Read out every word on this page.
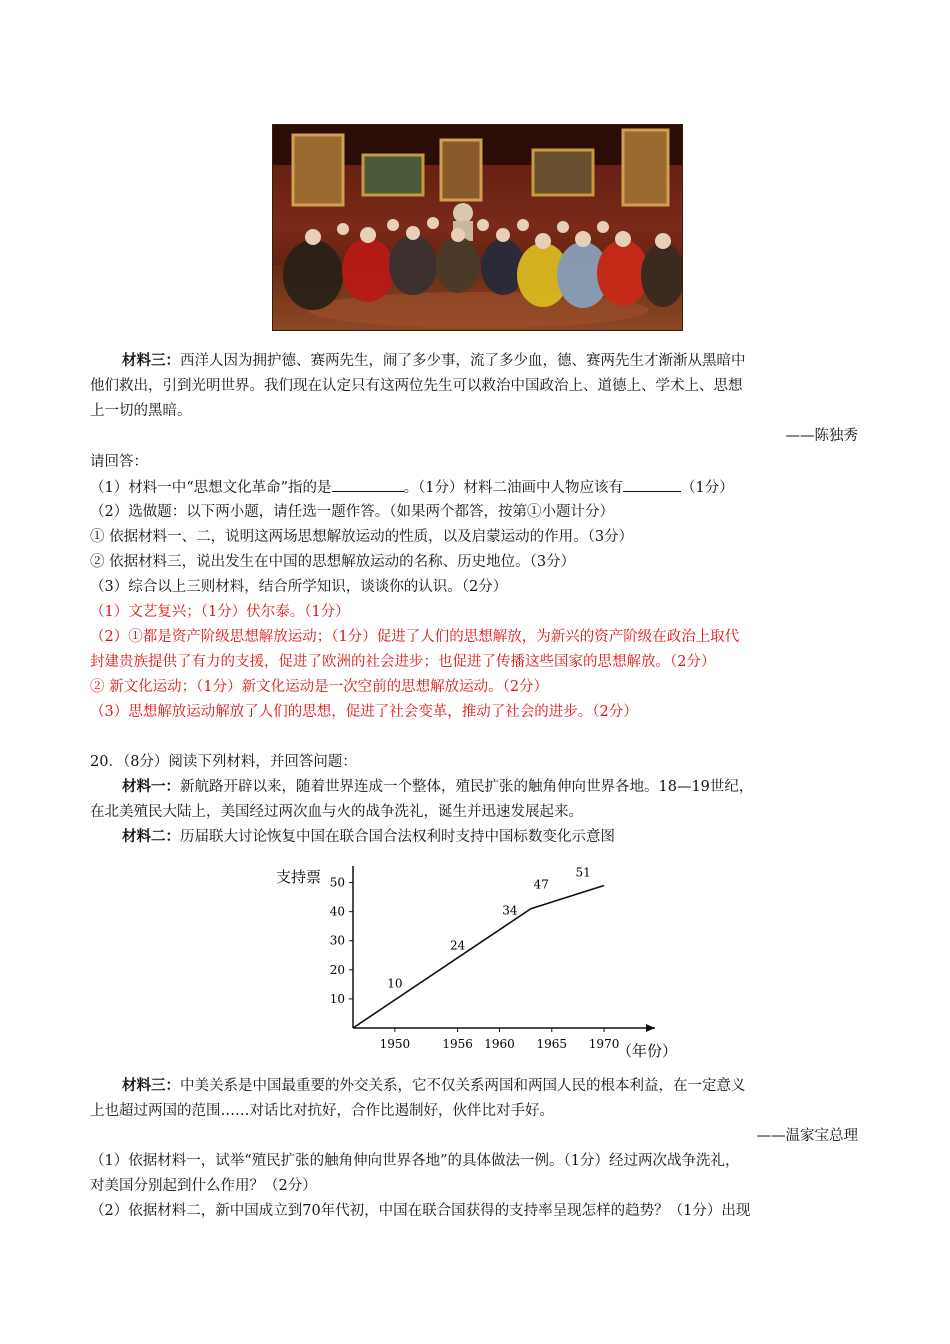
材料三：西洋人因为拥护德、赛两先生，闹了多少事，流了多少血，德、赛两先生才渐渐从黑暗中
他们救出，引到光明世界。我们现在认定只有这两位先生可以救治中国政治上、道德上、学术上、思想
上一切的黑暗。
——陈独秀
请回答：
（1）材料一中“思想文化革命”指的是	。（1分）材料二油画中人物应该有	（1分）
（2）选做题：以下两小题，请任选一题作答。（如果两个都答，按第①小题计分）
① 依据材料一、二，说明这两场思想解放运动的性质，以及启蒙运动的作用。（3分）
② 依据材料三，说出发生在中国的思想解放运动的名称、历史地位。（3分）
（3）综合以上三则材料，结合所学知识，谈谈你的认识。（2分）
（1）文艺复兴；（1分）伏尔泰。（1分）
（2）①都是资产阶级思想解放运动；（1分）促进了人们的思想解放，为新兴的资产阶级在政治上取代
封建贵族提供了有力的支援，促进了欧洲的社会进步；也促进了传播这些国家的思想解放。（2分）
② 新文化运动；（1分）新文化运动是一次空前的思想解放运动。（2分）
（3）思想解放运动解放了人们的思想，促进了社会变革，推动了社会的进步。（2分）
20．（8分）阅读下列材料，并回答问题：
材料一：新航路开辟以来，随着世界连成一个整体，殖民扩张的触角伸向世界各地。18—19世纪，
在北美殖民大陆上，美国经过两次血与火的战争洗礼，诞生并迅速发展起来。
材料二：历届联大讨论恢复中国在联合国合法权利时支持中国标数变化示意图
10
20
30
40
50
1950	1956 1960 1965 1970
支持票
（年份）
10
24
34
47
51
材料三：中美关系是中国最重要的外交关系，它不仅关系两国和两国人民的根本利益，在一定意义
上也超过两国的范围……对话比对抗好，合作比遏制好，伙伴比对手好。
——温家宝总理
（1）依据材料一，试举“殖民扩张的触角伸向世界各地”的具体做法一例。（1分）经过两次战争洗礼，
对美国分别起到什么作用？（2分）
（2）依据材料二，新中国成立到70年代初，中国在联合国获得的支持率呈现怎样的趋势？（1分）出现
